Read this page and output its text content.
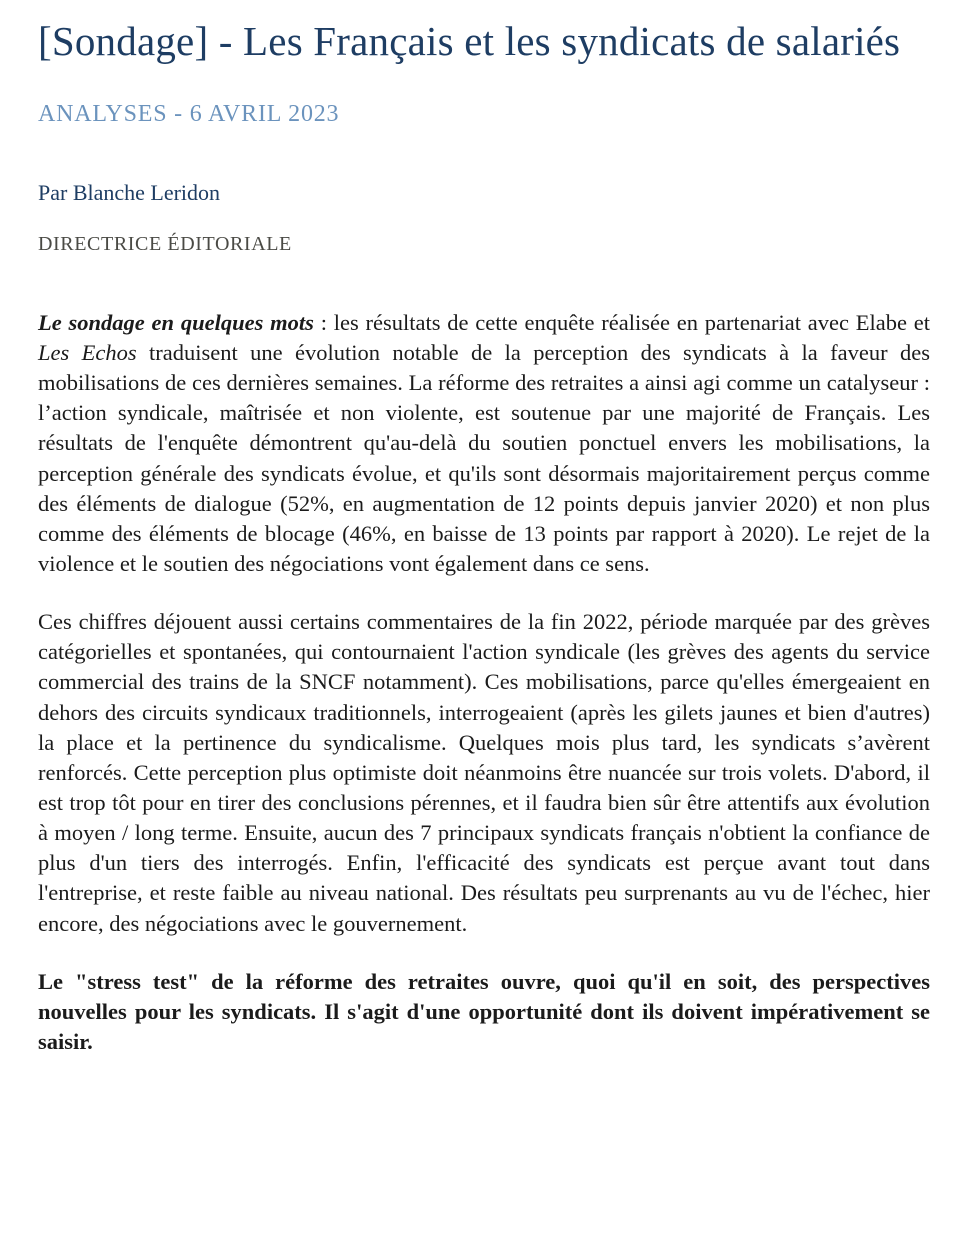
[Sondage] - Les Français et les syndicats de salariés
ANALYSES - 6 AVRIL 2023
Par Blanche Leridon
DIRECTRICE ÉDITORIALE

Le sondage en quelques mots : les résultats de cette enquête réalisée en partenariat avec Elabe et Les Echos traduisent une évolution notable de la perception des syndicats à la faveur des mobilisations de ces dernières semaines. La réforme des retraites a ainsi agi comme un catalyseur : l’action syndicale, maîtrisée et non violente, est soutenue par une majorité de Français. Les résultats de l'enquête démontrent qu'au-delà du soutien ponctuel envers les mobilisations, la perception générale des syndicats évolue, et qu'ils sont désormais majoritairement perçus comme des éléments de dialogue (52%, en augmentation de 12 points depuis janvier 2020) et non plus comme des éléments de blocage (46%, en baisse de 13 points par rapport à 2020). Le rejet de la violence et le soutien des négociations vont également dans ce sens.

Ces chiffres déjouent aussi certains commentaires de la fin 2022, période marquée par des grèves catégorielles et spontanées, qui contournaient l'action syndicale (les grèves des agents du service commercial des trains de la SNCF notamment). Ces mobilisations, parce qu'elles émergeaient en dehors des circuits syndicaux traditionnels, interrogeaient (après les gilets jaunes et bien d'autres) la place et la pertinence du syndicalisme. Quelques mois plus tard, les syndicats s’avèrent renforcés. Cette perception plus optimiste doit néanmoins être nuancée sur trois volets. D'abord, il est trop tôt pour en tirer des conclusions pérennes, et il faudra bien sûr être attentifs aux évolution à moyen / long terme. Ensuite, aucun des 7 principaux syndicats français n'obtient la confiance de plus d'un tiers des interrogés. Enfin, l'efficacité des syndicats est perçue avant tout dans l'entreprise, et reste faible au niveau national. Des résultats peu surprenants au vu de l'échec, hier encore, des négociations avec le gouvernement.

Le "stress test" de la réforme des retraites ouvre, quoi qu'il en soit, des perspectives nouvelles pour les syndicats. Il s'agit d'une opportunité dont ils doivent impérativement se saisir.
